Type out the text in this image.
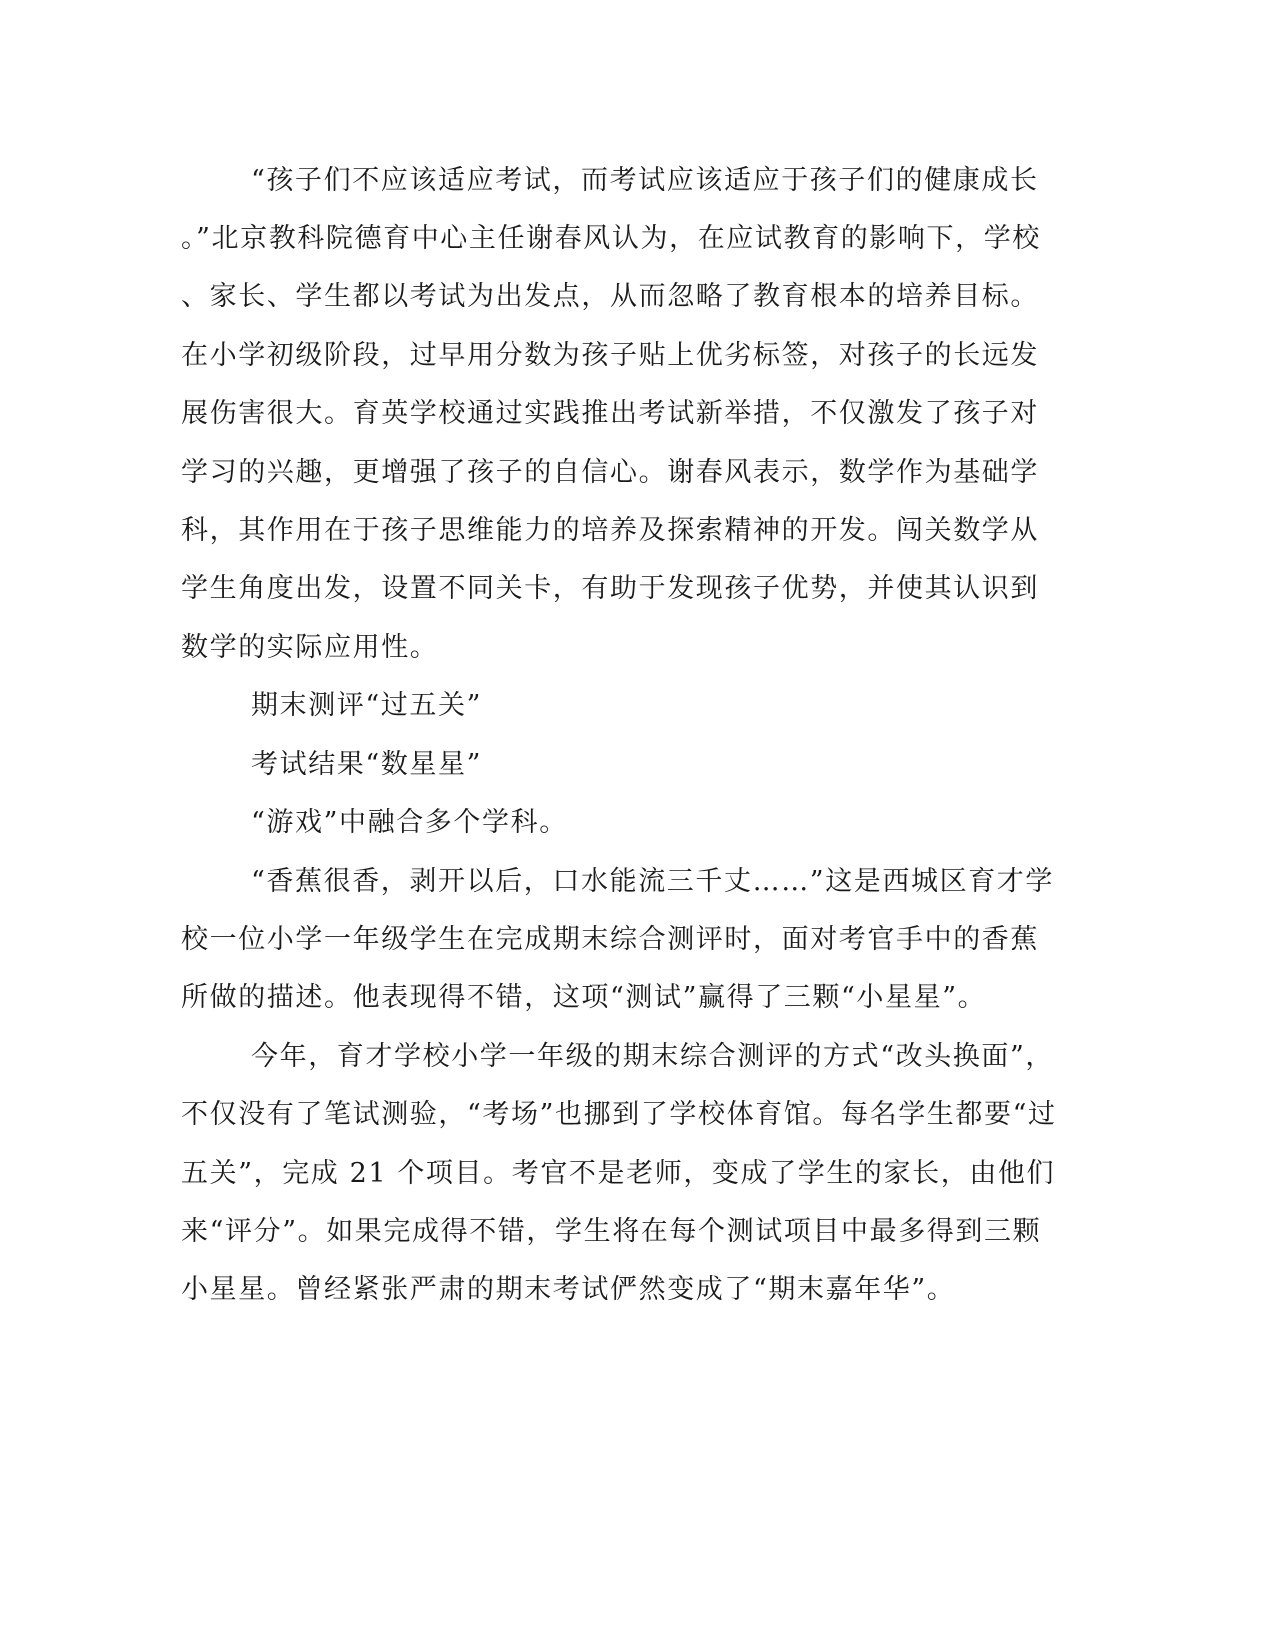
“孩子们不应该适应考试，而考试应该适应于孩子们的健康成长
。”北京教科院德育中心主任谢春风认为，在应试教育的影响下，学校
、家长、学生都以考试为出发点，从而忽略了教育根本的培养目标。
在小学初级阶段，过早用分数为孩子贴上优劣标签，对孩子的长远发
展伤害很大。育英学校通过实践推出考试新举措，不仅激发了孩子对
学习的兴趣，更增强了孩子的自信心。谢春风表示，数学作为基础学
科，其作用在于孩子思维能力的培养及探索精神的开发。闯关数学从
学生角度出发，设置不同关卡，有助于发现孩子优势，并使其认识到
数学的实际应用性。
期末测评“过五关”
考试结果“数星星”
“游戏”中融合多个学科。
“香蕉很香，剥开以后，口水能流三千丈……”这是西城区育才学
校一位小学一年级学生在完成期末综合测评时，面对考官手中的香蕉
所做的描述。他表现得不错，这项“测试”赢得了三颗“小星星”。
今年，育才学校小学一年级的期末综合测评的方式“改头换面”，
不仅没有了笔试测验，“考场”也挪到了学校体育馆。每名学生都要“过
五关”，完成 21 个项目。考官不是老师，变成了学生的家长，由他们
来“评分”。如果完成得不错，学生将在每个测试项目中最多得到三颗
小星星。曾经紧张严肃的期末考试俨然变成了“期末嘉年华”。
